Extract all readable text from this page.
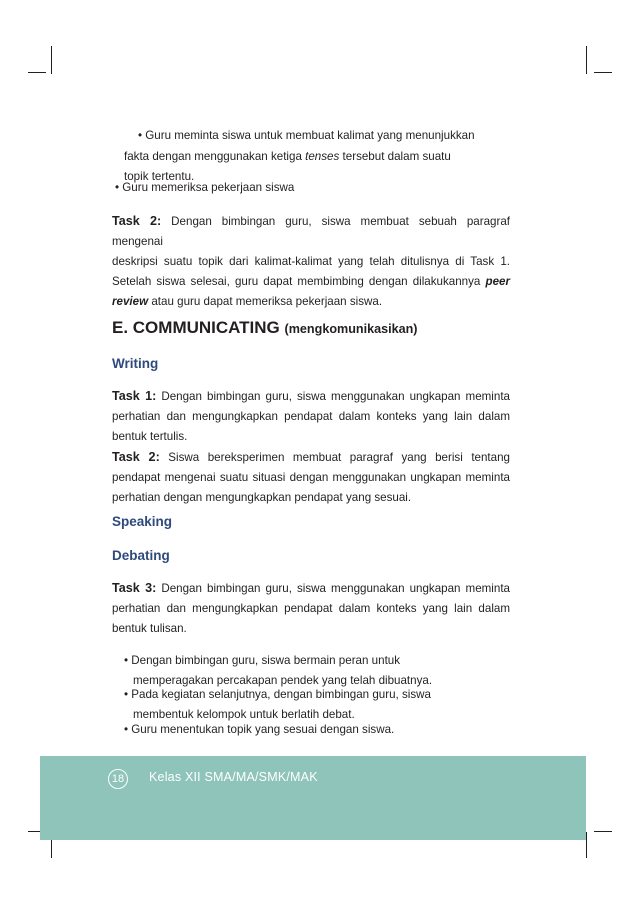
• Guru meminta siswa untuk membuat kalimat yang menunjukkan
fakta dengan menggunakan ketiga tenses tersebut dalam suatu
topik tertentu.
• Guru memeriksa pekerjaan siswa
Task 2: Dengan bimbingan guru, siswa membuat sebuah paragraf mengenai
deskripsi suatu topik dari kalimat-kalimat yang telah ditulisnya di Task 1.
Setelah siswa selesai, guru dapat membimbing dengan dilakukannya peer
review atau guru dapat memeriksa pekerjaan siswa.
E. COMMUNICATING (mengkomunikasikan)
Writing
Task 1: Dengan bimbingan guru, siswa menggunakan ungkapan meminta
perhatian dan mengungkapkan pendapat dalam konteks yang lain dalam
bentuk tertulis.
Task 2: Siswa bereksperimen membuat paragraf yang berisi tentang
pendapat mengenai suatu situasi dengan menggunakan ungkapan meminta
perhatian dengan mengungkapkan pendapat yang sesuai.
Speaking
Debating
Task 3: Dengan bimbingan guru, siswa menggunakan ungkapan meminta
perhatian dan mengungkapkan pendapat dalam konteks yang lain dalam
bentuk tulisan.
• Dengan bimbingan guru, siswa bermain peran untuk
memperagakan percakapan pendek yang telah dibuatnya.
• Pada kegiatan selanjutnya, dengan bimbingan guru, siswa
membentuk kelompok untuk berlatih debat.
• Guru menentukan topik yang sesuai dengan siswa.
18	Kelas XII SMA/MA/SMK/MAK
